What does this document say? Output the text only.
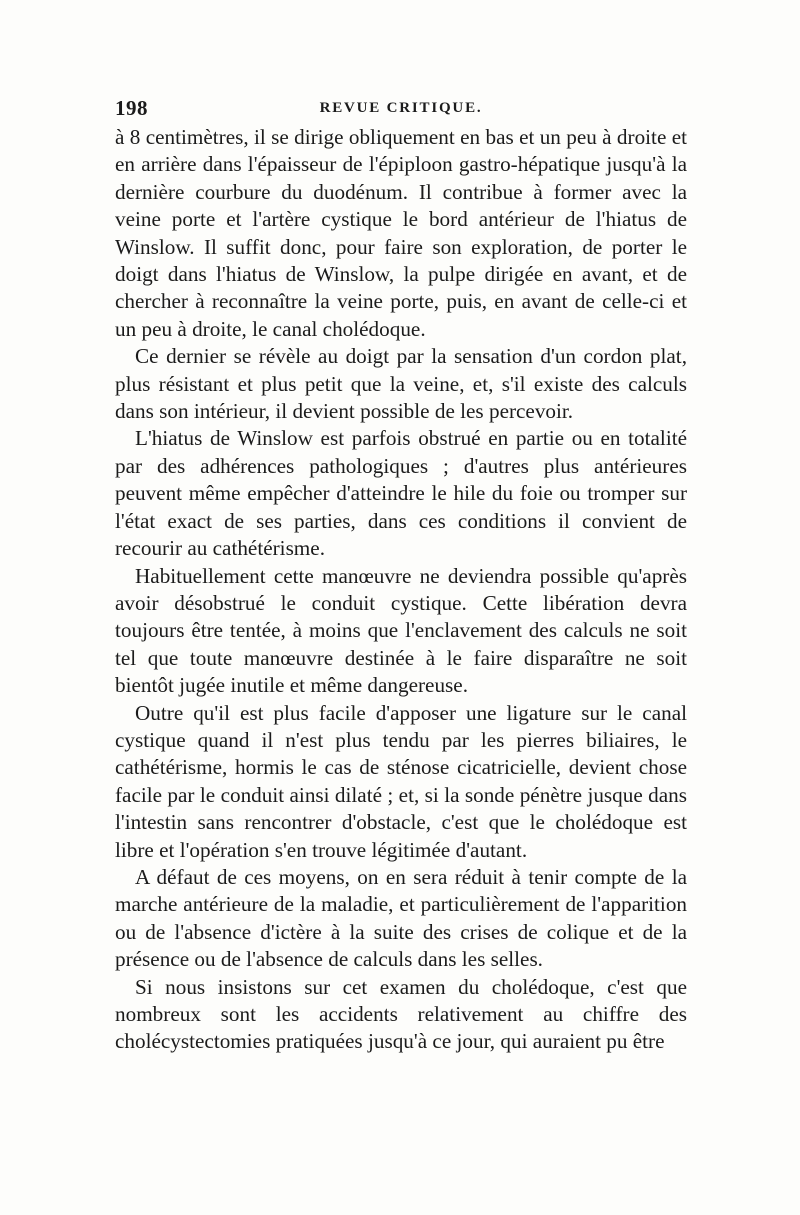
198	REVUE CRITIQUE.

à 8 centimètres, il se dirige obliquement en bas et un peu à droite et en arrière dans l'épaisseur de l'épiploon gastro-hépatique jusqu'à la dernière courbure du duodénum. Il contribue à former avec la veine porte et l'artère cystique le bord antérieur de l'hiatus de Winslow. Il suffit donc, pour faire son exploration, de porter le doigt dans l'hiatus de Winslow, la pulpe dirigée en avant, et de chercher à reconnaître la veine porte, puis, en avant de celle-ci et un peu à droite, le canal cholédoque.

Ce dernier se révèle au doigt par la sensation d'un cordon plat, plus résistant et plus petit que la veine, et, s'il existe des calculs dans son intérieur, il devient possible de les percevoir.

L'hiatus de Winslow est parfois obstrué en partie ou en totalité par des adhérences pathologiques ; d'autres plus antérieures peuvent même empêcher d'atteindre le hile du foie ou tromper sur l'état exact de ses parties, dans ces conditions il convient de recourir au cathétérisme.

Habituellement cette manœuvre ne deviendra possible qu'après avoir désobstrué le conduit cystique. Cette libération devra toujours être tentée, à moins que l'enclavement des calculs ne soit tel que toute manœuvre destinée à le faire disparaître ne soit bientôt jugée inutile et même dangereuse.

Outre qu'il est plus facile d'apposer une ligature sur le canal cystique quand il n'est plus tendu par les pierres biliaires, le cathétérisme, hormis le cas de sténose cicatricielle, devient chose facile par le conduit ainsi dilaté ; et, si la sonde pénètre jusque dans l'intestin sans rencontrer d'obstacle, c'est que le cholédoque est libre et l'opération s'en trouve légitimée d'autant.

A défaut de ces moyens, on en sera réduit à tenir compte de la marche antérieure de la maladie, et particulièrement de l'apparition ou de l'absence d'ictère à la suite des crises de colique et de la présence ou de l'absence de calculs dans les selles.

Si nous insistons sur cet examen du cholédoque, c'est que nombreux sont les accidents relativement au chiffre des cholécystectomies pratiquées jusqu'à ce jour, qui auraient pu être
